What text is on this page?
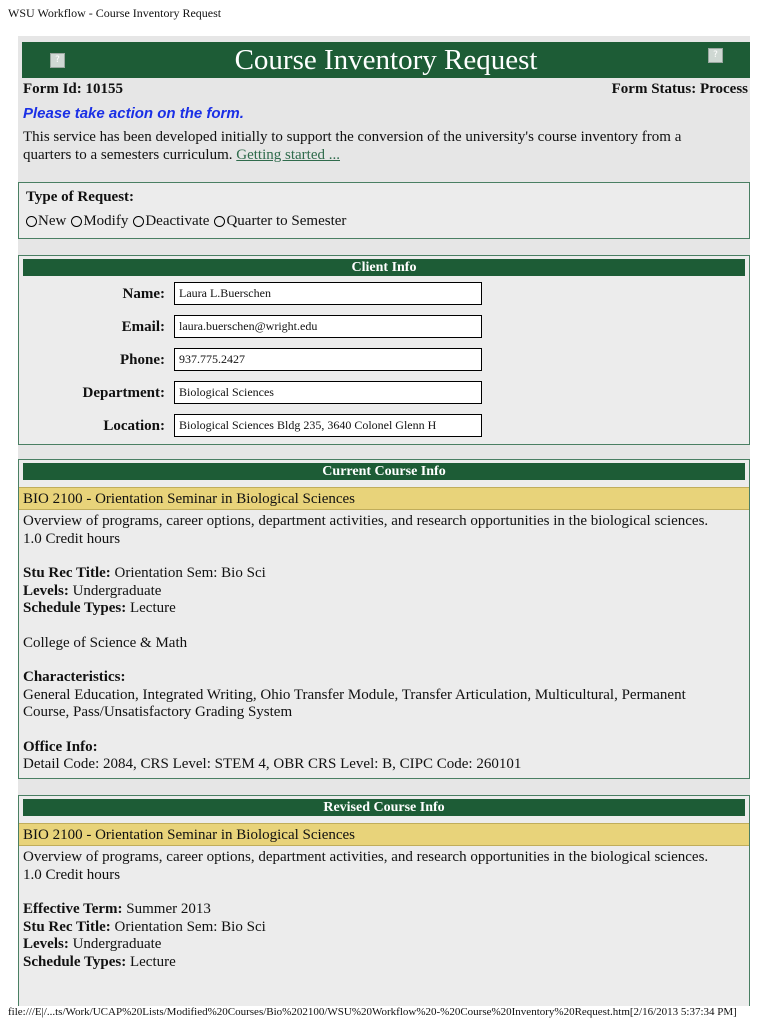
WSU Workflow - Course Inventory Request
?	Course Inventory Request	?
Form Id: 10155	Form Status: Process
Please take action on the form.
This service has been developed initially to support the conversion of the university's course inventory from a quarters to a semesters curriculum. Getting started ...
Type of Request:
New Modify Deactivate Quarter to Semester
Client Info
Name:
Laura L.Buerschen
Email:
laura.buerschen@wright.edu
Phone:
937.775.2427
Department:
Biological Sciences
Location:
Biological Sciences Bldg 235, 3640 Colonel Glenn H
Current Course Info
BIO 2100 - Orientation Seminar in Biological Sciences

Overview of programs, career options, department activities, and research opportunities in the biological sciences.

1.0 Credit hours

Stu Rec Title: Orientation Sem: Bio Sci

Levels: Undergraduate

Schedule Types: Lecture

College of Science & Math

Characteristics:

General Education, Integrated Writing, Ohio Transfer Module, Transfer Articulation, Multicultural, Permanent Course, Pass/Unsatisfactory Grading System

Office Info:

Detail Code: 2084, CRS Level: STEM 4, OBR CRS Level: B, CIPC Code: 260101

Revised Course Info
BIO 2100 - Orientation Seminar in Biological Sciences

Overview of programs, career options, department activities, and research opportunities in the biological sciences.

1.0 Credit hours

Effective Term: Summer 2013

Stu Rec Title: Orientation Sem: Bio Sci

Levels: Undergraduate

Schedule Types: Lecture

file:///E|/...ts/Work/UCAP%20Lists/Modified%20Courses/Bio%202100/WSU%20Workflow%20-%20Course%20Inventory%20Request.htm[2/16/2013 5:37:34 PM]
